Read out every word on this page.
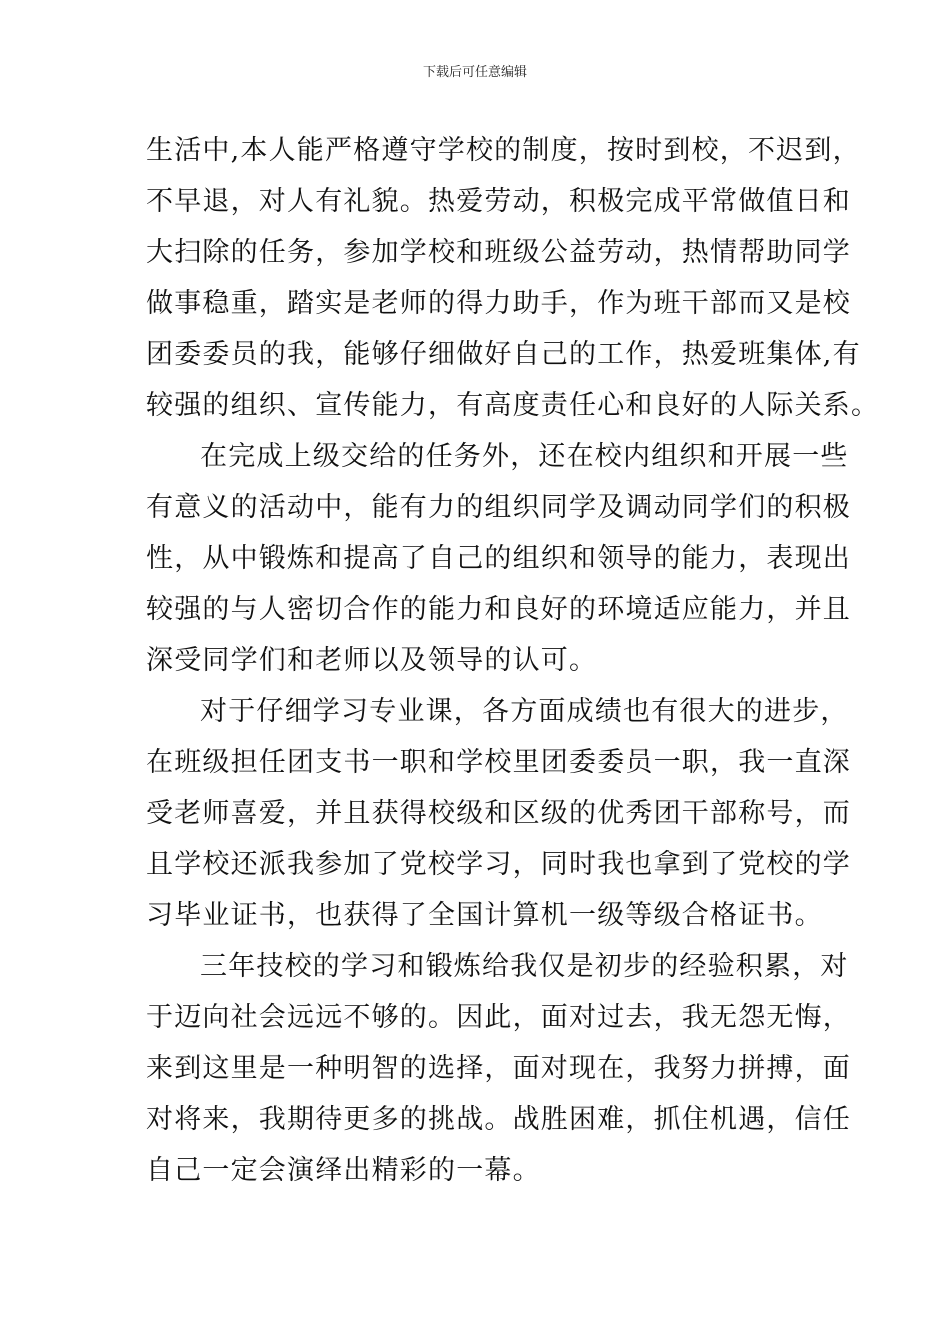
下载后可任意编辑
生活中,本人能严格遵守学校的制度，按时到校，不迟到，
不早退，对人有礼貌。热爱劳动，积极完成平常做值日和
大扫除的任务，参加学校和班级公益劳动，热情帮助同学
做事稳重，踏实是老师的得力助手，作为班干部而又是校
团委委员的我，能够仔细做好自己的工作，热爱班集体,有
较强的组织、宣传能力，有高度责任心和良好的人际关系。
在完成上级交给的任务外，还在校内组织和开展一些
有意义的活动中，能有力的组织同学及调动同学们的积极
性，从中锻炼和提高了自己的组织和领导的能力，表现出
较强的与人密切合作的能力和良好的环境适应能力，并且
深受同学们和老师以及领导的认可。
对于仔细学习专业课，各方面成绩也有很大的进步，
在班级担任团支书一职和学校里团委委员一职，我一直深
受老师喜爱，并且获得校级和区级的优秀团干部称号，而
且学校还派我参加了党校学习，同时我也拿到了党校的学
习毕业证书，也获得了全国计算机一级等级合格证书。
三年技校的学习和锻炼给我仅是初步的经验积累，对
于迈向社会远远不够的。因此，面对过去，我无怨无悔，
来到这里是一种明智的选择，面对现在，我努力拼搏，面
对将来，我期待更多的挑战。战胜困难，抓住机遇，信任
自己一定会演绎出精彩的一幕。
